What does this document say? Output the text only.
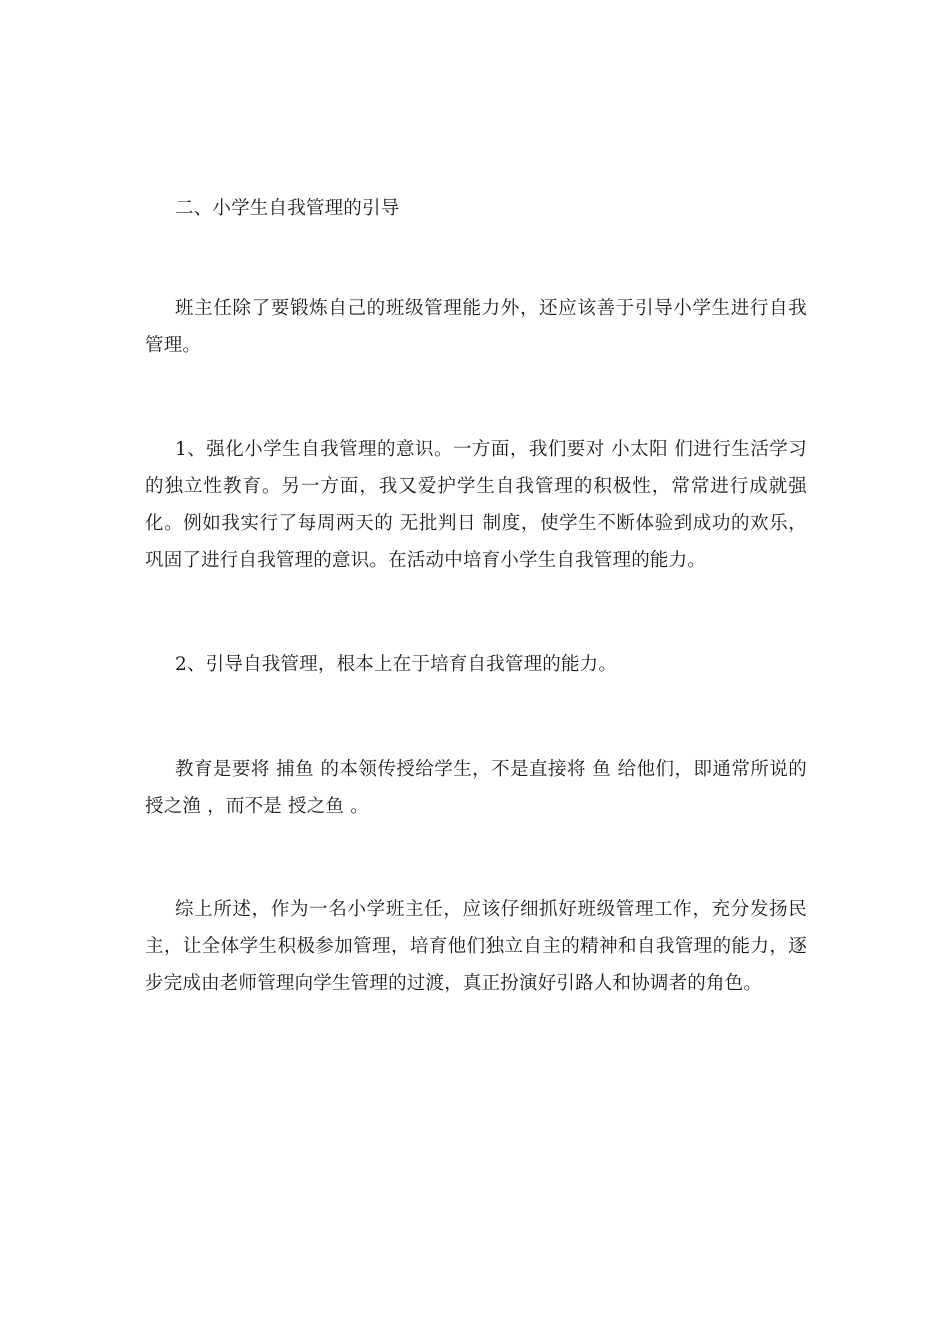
二、小学生自我管理的引导

班主任除了要锻炼自己的班级管理能力外，还应该善于引导小学生进行自我管理。

1、强化小学生自我管理的意识。一方面，我们要对 小太阳 们进行生活学习的独立性教育。另一方面，我又爱护学生自我管理的积极性，常常进行成就强化。例如我实行了每周两天的 无批判日 制度，使学生不断体验到成功的欢乐，巩固了进行自我管理的意识。在活动中培育小学生自我管理的能力。

2、引导自我管理，根本上在于培育自我管理的能力。

教育是要将 捕鱼 的本领传授给学生，不是直接将 鱼 给他们，即通常所说的 授之渔 ，而不是 授之鱼 。

综上所述，作为一名小学班主任，应该仔细抓好班级管理工作，充分发扬民主，让全体学生积极参加管理，培育他们独立自主的精神和自我管理的能力，逐步完成由老师管理向学生管理的过渡，真正扮演好引路人和协调者的角色。
